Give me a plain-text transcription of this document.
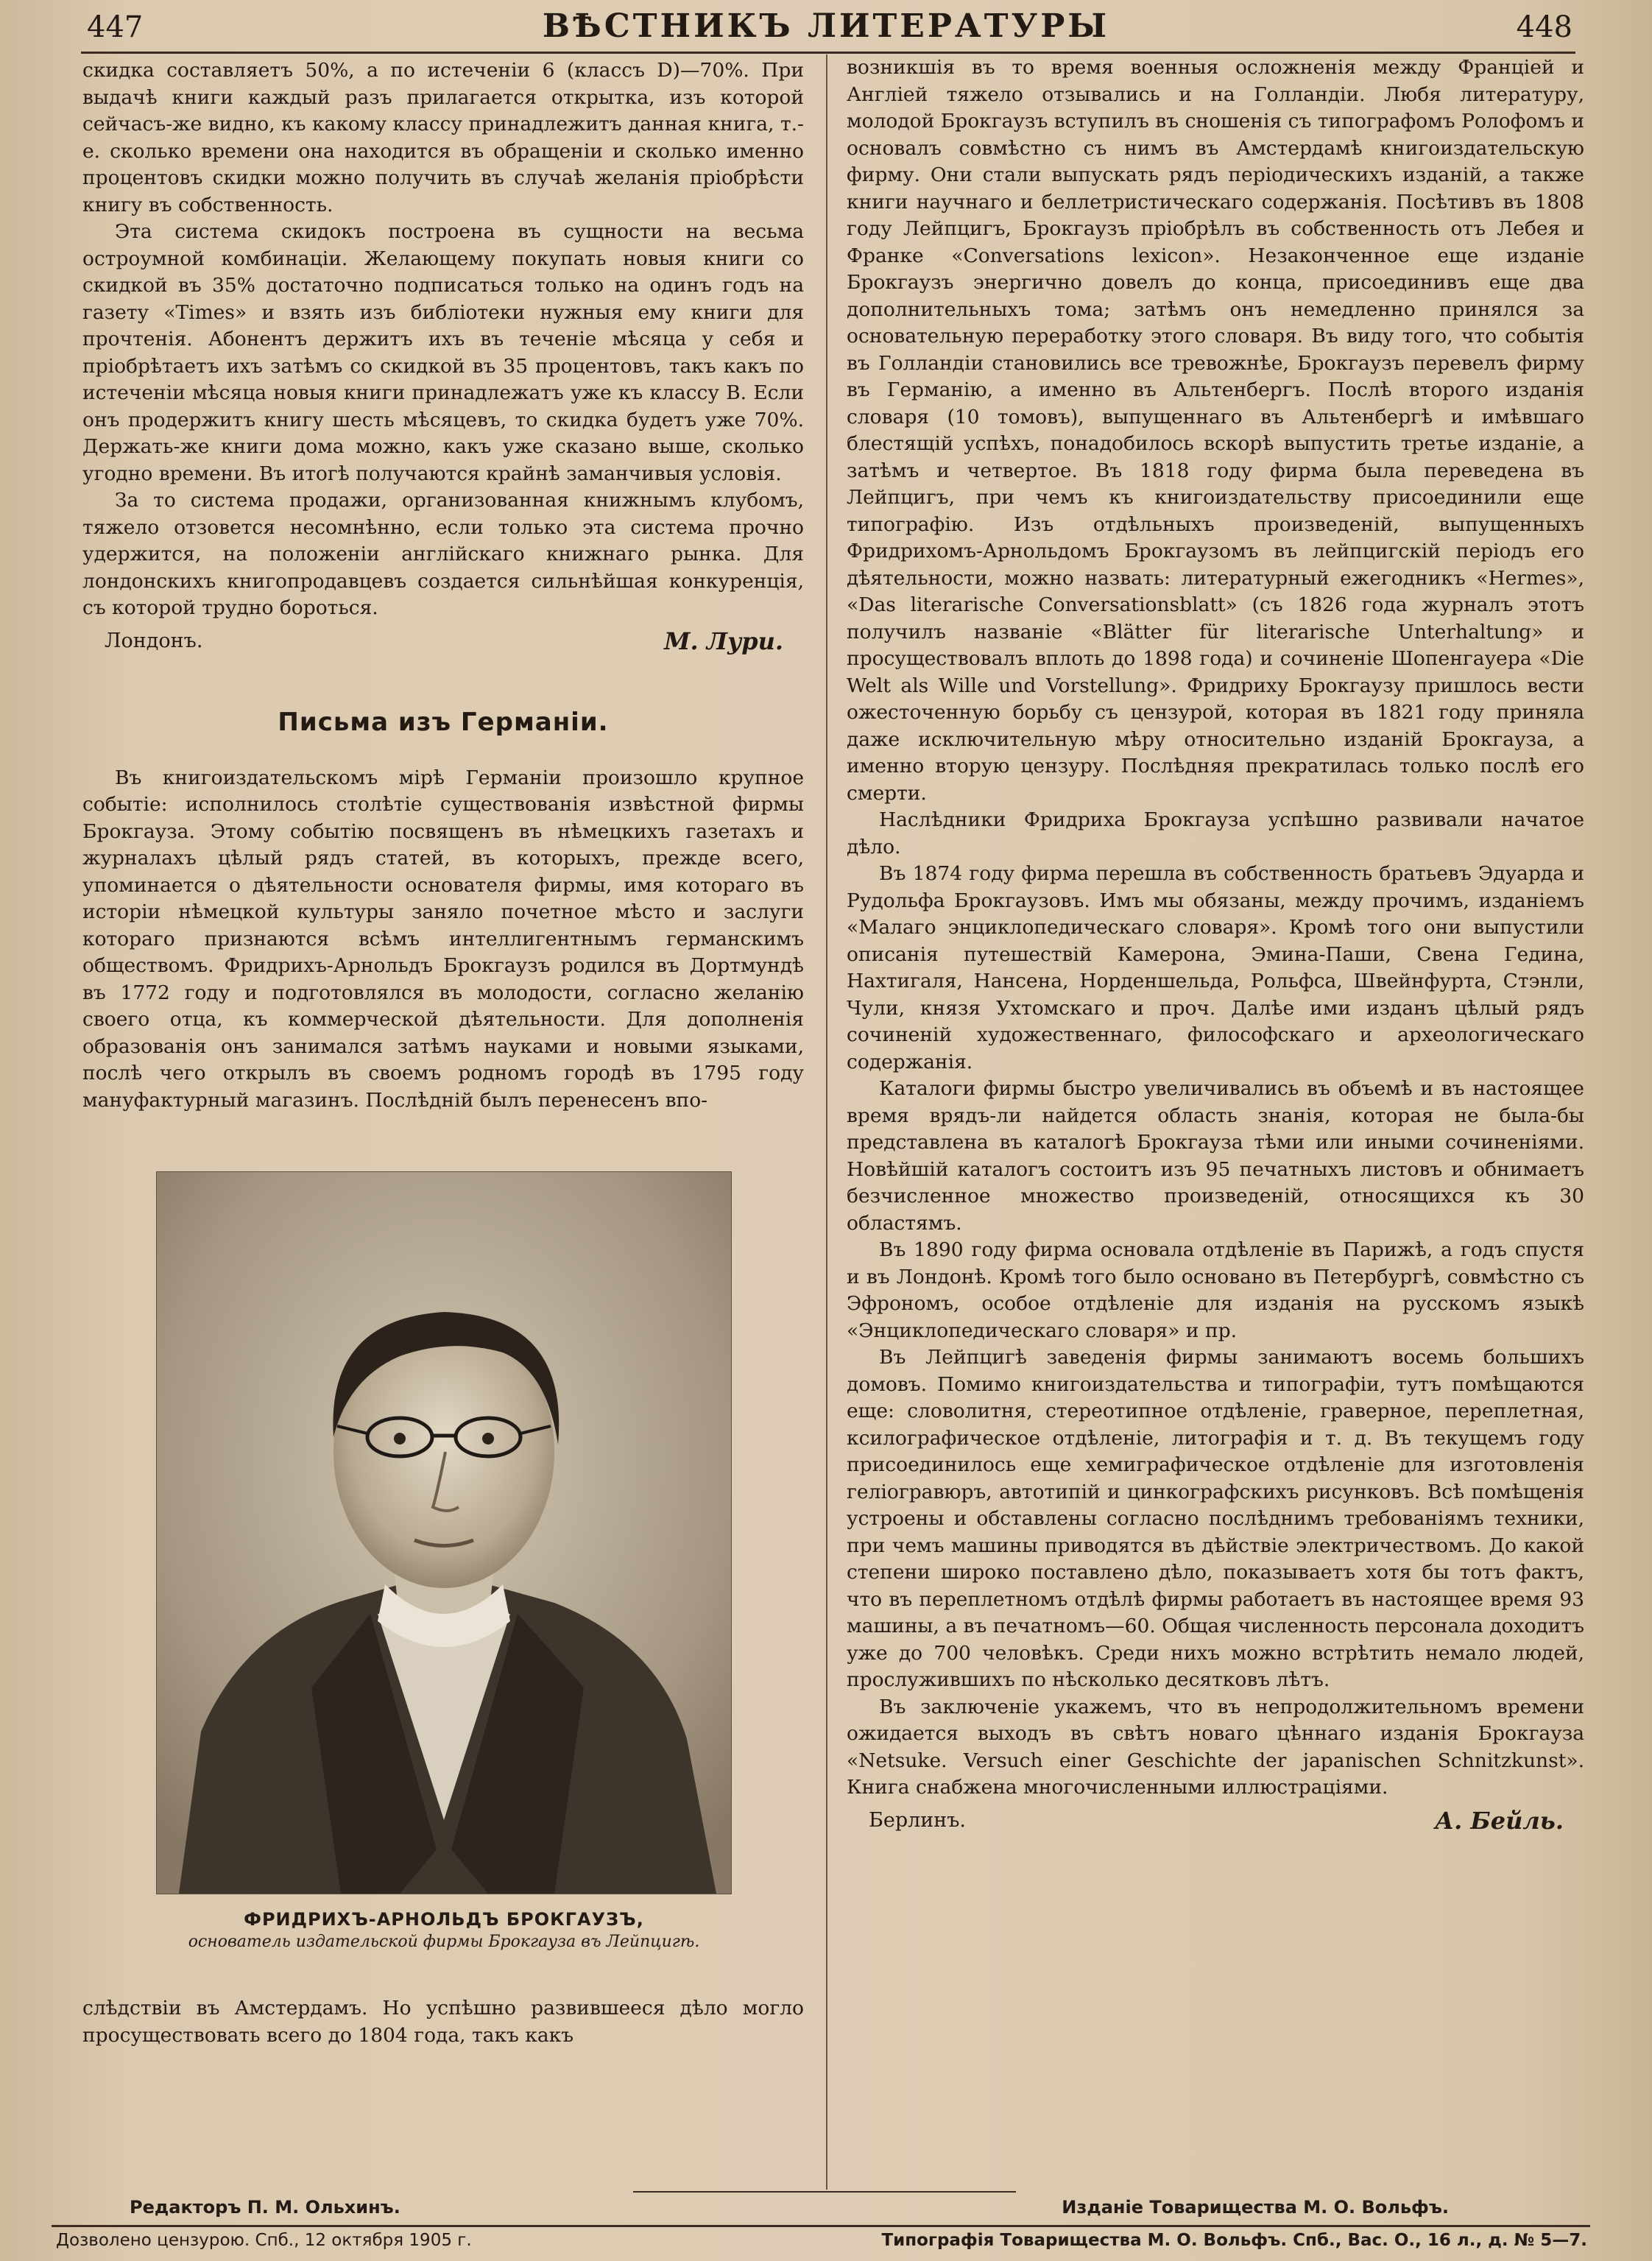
447	ВѢСТНИКЪ ЛИТЕРАТУРЫ	448

скидка составляетъ 50%, а по истеченіи 6 (классъ D)—70%. При выдачѣ книги каждый разъ прилагается открытка, изъ которой сейчасъ-же видно, къ какому классу принадлежитъ данная книга, т.-е. сколько времени она находится въ обращеніи и сколько именно процентовъ скидки можно получить въ случаѣ желанія пріобрѣсти книгу въ собственность.

Эта система скидокъ построена въ сущности на весьма остроумной комбинаціи. Желающему покупать новыя книги со скидкой въ 35% достаточно подписаться только на одинъ годъ на газету «Times» и взять изъ библіотеки нужныя ему книги для прочтенія. Абонентъ держитъ ихъ въ теченіе мѣсяца у себя и пріобрѣтаетъ ихъ затѣмъ со скидкой въ 35 процентовъ, такъ какъ по истеченіи мѣсяца новыя книги принадлежатъ уже къ классу B. Если онъ продержитъ книгу шесть мѣсяцевъ, то скидка будетъ уже 70%. Держать-же книги дома можно, какъ уже сказано выше, сколько угодно времени. Въ итогѣ получаются крайнѣ заманчивыя условія.

За то система продажи, организованная книжнымъ клубомъ, тяжело отзовется несомнѣнно, если только эта система прочно удержится, на положеніи англійскаго книжнаго рынка. Для лондонскихъ книгопродавцевъ создается сильнѣйшая конкуренція, съ которой трудно бороться.

Лондонъ.	М. Лури.
Письма изъ Германіи.

Въ книгоиздательскомъ мірѣ Германіи произошло крупное событіе: исполнилось столѣтіе существованія извѣстной фирмы Брокгауза. Этому событію посвященъ въ нѣмецкихъ газетахъ и журналахъ цѣлый рядъ статей, въ которыхъ, прежде всего, упоминается о дѣятельности основателя фирмы, имя котораго въ исторіи нѣмецкой культуры заняло почетное мѣсто и заслуги котораго признаются всѣмъ интеллигентнымъ германскимъ обществомъ. Фридрихъ-Арнольдъ Брокгаузъ родился въ Дортмундѣ въ 1772 году и подготовлялся въ молодости, согласно желанію своего отца, къ коммерческой дѣятельности. Для дополненія образованія онъ занимался затѣмъ науками и новыми языками, послѣ чего открылъ въ своемъ родномъ городѣ въ 1795 году мануфактурный магазинъ. Послѣдній былъ перенесенъ впо-

ФРИДРИХЪ-АРНОЛЬДЪ БРОКГАУЗЪ,
основатель издательской фирмы Брокгауза въ Лейпцигѣ.

слѣдствіи въ Амстердамъ. Но успѣшно развившееся дѣло могло просуществовать всего до 1804 года, такъ какъ

возникшія въ то время военныя осложненія между Франціей и Англіей тяжело отзывались и на Голландіи. Любя литературу, молодой Брокгаузъ вступилъ въ сношенія съ типографомъ Ролофомъ и основалъ совмѣстно съ нимъ въ Амстердамѣ книгоиздательскую фирму. Они стали выпускать рядъ періодическихъ изданій, а также книги научнаго и беллетристическаго содержанія. Посѣтивъ въ 1808 году Лейпцигъ, Брокгаузъ пріобрѣлъ въ собственность отъ Лебея и Франке «Conversations lexicon». Незаконченное еще изданіе Брокгаузъ энергично довелъ до конца, присоединивъ еще два дополнительныхъ тома; затѣмъ онъ немедленно принялся за основательную переработку этого словаря. Въ виду того, что событія въ Голландіи становились все тревожнѣе, Брокгаузъ перевелъ фирму въ Германію, а именно въ Альтенбергъ. Послѣ второго изданія словаря (10 томовъ), выпущеннаго въ Альтенбергѣ и имѣвшаго блестящій успѣхъ, понадобилось вскорѣ выпустить третье изданіе, а затѣмъ и четвертое. Въ 1818 году фирма была переведена въ Лейпцигъ, при чемъ къ книгоиздательству присоединили еще типографію. Изъ отдѣльныхъ произведеній, выпущенныхъ Фридрихомъ-Арнольдомъ Брокгаузомъ въ лейпцигскій періодъ его дѣятельности, можно назвать: литературный ежегодникъ «Hermes», «Das literarische Conversationsblatt» (съ 1826 года журналъ этотъ получилъ названіе «Blätter für literarische Unterhaltung» и просуществовалъ вплоть до 1898 года) и сочиненіе Шопенгауера «Die Welt als Wille und Vorstellung». Фридриху Брокгаузу пришлось вести ожесточенную борьбу съ цензурой, которая въ 1821 году приняла даже исключительную мѣру относительно изданій Брокгауза, а именно вторую цензуру. Послѣдняя прекратилась только послѣ его смерти.

Наслѣдники Фридриха Брокгауза успѣшно развивали начатое дѣло.

Въ 1874 году фирма перешла въ собственность братьевъ Эдуарда и Рудольфа Брокгаузовъ. Имъ мы обязаны, между прочимъ, изданіемъ «Малаго энциклопедическаго словаря». Кромѣ того они выпустили описанія путешествій Камерона, Эмина-Паши, Свена Гедина, Нахтигаля, Нансена, Норденшельда, Рольфса, Швейнфурта, Стэнли, Чули, князя Ухтомскаго и проч. Далѣе ими изданъ цѣлый рядъ сочиненій художественнаго, философскаго и археологическаго содержанія.

Каталоги фирмы быстро увеличивались въ объемѣ и въ настоящее время врядъ-ли найдется область знанія, которая не была-бы представлена въ каталогѣ Брокгауза тѣми или иными сочиненіями. Новѣйшій каталогъ состоитъ изъ 95 печатныхъ листовъ и обнимаетъ безчисленное множество произведеній, относящихся къ 30 областямъ.

Въ 1890 году фирма основала отдѣленіе въ Парижѣ, а годъ спустя и въ Лондонѣ. Кромѣ того было основано въ Петербургѣ, совмѣстно съ Эфрономъ, особое отдѣленіе для изданія на русскомъ языкѣ «Энциклопедическаго словаря» и пр.

Въ Лейпцигѣ заведенія фирмы занимаютъ восемь большихъ домовъ. Помимо книгоиздательства и типографіи, тутъ помѣщаются еще: словолитня, стереотипное отдѣленіе, граверное, переплетная, ксилографическое отдѣленіе, литографія и т. д. Въ текущемъ году присоединилось еще хемиграфическое отдѣленіе для изготовленія геліогравюръ, автотипій и цинкографскихъ рисунковъ. Всѣ помѣщенія устроены и обставлены согласно послѣднимъ требованіямъ техники, при чемъ машины приводятся въ дѣйствіе электричествомъ. До какой степени широко поставлено дѣло, показываетъ хотя бы тотъ фактъ, что въ переплетномъ отдѣлѣ фирмы работаетъ въ настоящее время 93 машины, а въ печатномъ—60. Общая численность персонала доходитъ уже до 700 человѣкъ. Среди нихъ можно встрѣтить немало людей, прослужившихъ по нѣсколько десятковъ лѣтъ.

Въ заключеніе укажемъ, что въ непродолжительномъ времени ожидается выходъ въ свѣтъ новаго цѣннаго изданія Брокгауза «Netsuke. Versuch einer Geschichte der japanischen Schnitzkunst». Книга снабжена многочисленными иллюстраціями.

Берлинъ.	А. Бейль.
Редакторъ П. М. Ольхинъ.	Изданіе Товарищества М. О. Вольфъ.
Дозволено цензурою. Спб., 12 октября 1905 г.	Типографія Товарищества М. О. Вольфъ. Спб., Вас. О., 16 л., д. № 5—7.
